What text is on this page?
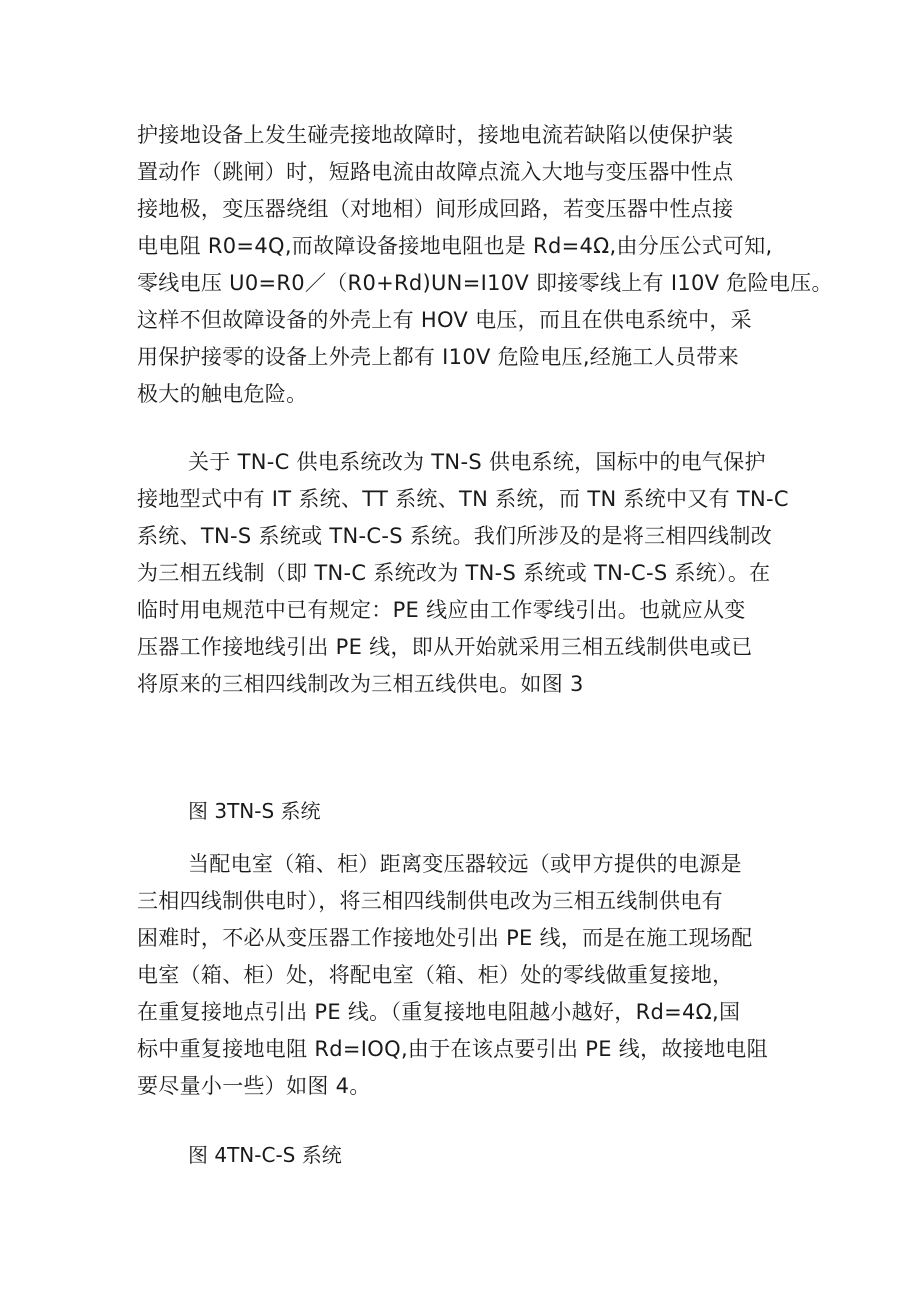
护接地设备上发生碰壳接地故障时，接地电流若缺陷以使保护装
置动作（跳闸）时，短路电流由故障点流入大地与变压器中性点
接地极，变压器绕组（对地相）间形成回路，若变压器中性点接
电电阻 R0=4Q,而故障设备接地电阻也是 Rd=4Ω,由分压公式可知,
零线电压 U0=R0／（R0+Rd)UN=I10V 即接零线上有 I10V 危险电压。
这样不但故障设备的外壳上有 HOV 电压，而且在供电系统中，采
用保护接零的设备上外壳上都有 I10V 危险电压,经施工人员带来
极大的触电危险。
关于 TN-C 供电系统改为 TN-S 供电系统，国标中的电气保护
接地型式中有 IT 系统、TT 系统、TN 系统，而 TN 系统中又有 TN-C
系统、TN-S 系统或 TN-C-S 系统。我们所涉及的是将三相四线制改
为三相五线制（即 TN-C 系统改为 TN-S 系统或 TN-C-S 系统）。在
临时用电规范中已有规定：PE 线应由工作零线引出。也就应从变
压器工作接地线引出 PE 线，即从开始就采用三相五线制供电或已
将原来的三相四线制改为三相五线供电。如图 3
图 3TN-S 系统
当配电室（箱、柜）距离变压器较远（或甲方提供的电源是
三相四线制供电时），将三相四线制供电改为三相五线制供电有
困难时，不必从变压器工作接地处引出 PE 线，而是在施工现场配
电室（箱、柜）处，将配电室（箱、柜）处的零线做重复接地，
在重复接地点引出 PE 线。（重复接地电阻越小越好，Rd=4Ω,国
标中重复接地电阻 Rd=IOQ,由于在该点要引出 PE 线，故接地电阻
要尽量小一些）如图 4。
图 4TN-C-S 系统
